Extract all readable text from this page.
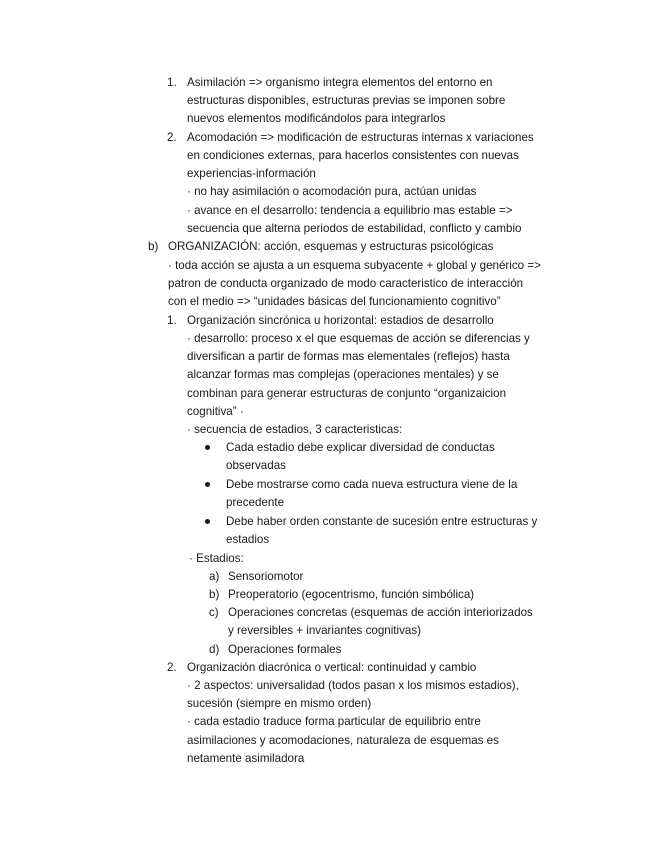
1. Asimilación => organismo integra elementos del entorno en
estructuras disponibles, estructuras previas se imponen sobre
nuevos elementos modificándolos para integrarlos
2. Acomodación => modificación de estructuras internas x variaciones
en condiciones externas, para hacerlos consistentes con nuevas
experiencias-información
· no hay asimilación o acomodación pura, actúan unidas
· avance en el desarrollo: tendencia a equilibrio mas estable =>
secuencia que alterna periodos de estabilidad, conflicto y cambio
b) ORGANIZACIÓN: acción, esquemas y estructuras psicológicas
· toda acción se ajusta a un esquema subyacente + global y genérico =>
patron de conducta organizado de modo caracteristico de interacción
con el medio => “unidades básicas del funcionamiento cognitivo”
1. Organización sincrónica u horizontal: estadios de desarrollo
· desarrollo: proceso x el que esquemas de acción se diferencias y
diversifican a partir de formas mas elementales (reflejos) hasta
alcanzar formas mas complejas (operaciones mentales) y se
combinan para generar estructuras de conjunto “organizaicion
cognitiva” ·
· secuencia de estadios, 3 caracteristicas:
Cada estadio debe explicar diversidad de conductas
observadas
Debe mostrarse como cada nueva estructura viene de la
precedente
Debe haber orden constante de sucesión entre estructuras y
estadios
· Estadios:
a) Sensoriomotor
b) Preoperatorio (egocentrismo, función simbólica)
c) Operaciones concretas (esquemas de acción interiorizados
y reversibles + invariantes cognitivas)
d) Operaciones formales
2. Organización diacrónica o vertical: continuidad y cambio
· 2 aspectos: universalidad (todos pasan x los mismos estadios),
sucesión (siempre en mismo orden)
· cada estadio traduce forma particular de equilibrio entre
asimilaciones y acomodaciones, naturaleza de esquemas es
netamente asimiladora
